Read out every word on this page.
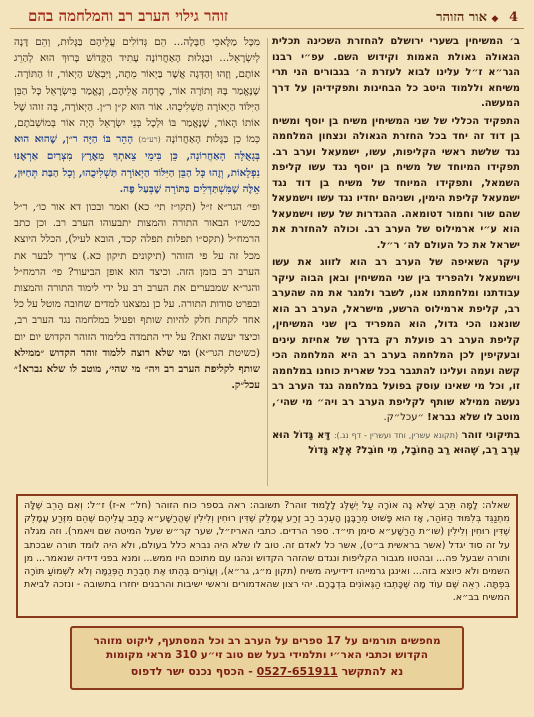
4 ◆ אור הזוהר
זוהר גילוי הערב רב והמלחמה בהם

ב׳ המשיחין בשערי ירושלם להחזרת השכינה תכלית הגאולה גאולת האמות וקידוש השם. עפ״י רבנו הגר״א ז״ל עלינו לבוא לעזרת ה׳ בגבורים הני תרי משיחא וללמוד היטב כל הבחינות ותפקידיהן על דרך המעשה.

התפקיד הכללי של שני המשיחין משיח בן יוסף ומשיח בן דוד זה יחד בכל החזרת הגאולה ונצחון המלחמה נגד שלשת ראשי הקליפות, עשו, ישמעאל וערב רב. תפקידו המיוחד של משיח בן יוסף נגד עשו קליפת השמאל, ותפקידו המיוחד של משיח בן דוד נגד ישמעאל קליפת הימין, ושניהם יחדיו נגד עשו וישמעאל שהם שור וחמור דטומאה. ההגדרות של עשו וישמעאל הוא ע״י ארמילוס של הערב רב. וכולה להחזרת את ישראל את כל העולם לה׳ ר״ל.

עיקר השאיפה של הערב רב הוא לזווג את עשו וישמעאל ולהפריד בין שני המשיחין ובאן הבוה עיקר עבודתנו ומלחמתנו אנו, לשבר ולמגר את מה שהערב רב, קליפת ארמילוס הרשע, מישראל, הערב רב הוא שונאנו הכי גדול, הוא המפריד בין שני המשיחין, קליפת הערב רב פועלת רק בדרך של אחיזת עינים ובעקיפין לכן המלחמה בערב רב היא המלחמה הכי קשה ועמה ועלינו להתגבר בכל שארית כוחנו במלחמה זו, וכל מי שאינו עוסק בפועל במלחמה נגד הערב רב נעשה ממילא שותף לקליפת הערב רב ויה״ מי שהי׳, מוטב לו שלא נברא! ״עכל״ק.

בתיקוני זוהר (תקונא עשרין, וחד ועשרין - דף נג.): דָּא גָּדוֹל הוּא עֵרֶב רַב, שֶׁהוּא רַב הַחוֹבָל, מִי חוֹבֵל? אֶלָּא גָּדוֹל

מִכָּל מַלָּאכֵי חַבָּלָה... הֵם גְּדוֹלִים עֲלֵיהֶם בַּגָּלוּת, וְהֵם דָּנָה לְיִשְׂרָאֵל... וּבַגָּלוּת הָאַחֲרוֹנָה עָתִיד הַקָּדוֹשׁ בָּרוּךְ הוּא לְהַרֵג אוֹתָם, וְזֶהוּ וְהַדְּגָה אֲשֶׁר בַּיְאוֹר מֵתָה, וַיִּבְאַשׁ הַיְאוֹר, זוֹ הַתּוֹרָה. שֶׁנֶּאֱמַר בָּהּ וְתוֹרָה אוֹר, סָרְחָה אֲלֵיהֶם, וְנֶאֱמַר בְּיִשְׂרָאֵל כָּל הַבֵּן הַיִּלּוֹד הַיְאוֹרָה תַּשְׁלִיכֻהוּ. אוֹר הוּא ק״ן ר״ן. הַיְאוֹרָה, בָּה זוהו שֶׁל אוֹתוֹ הָאוֹר, שֶׁנֶּאֱמַר בּוֹ וּלְכָל בְּנֵי יִשְׂרָאֵל הָיָה אוֹר בְּמוֹשְׁבֹתָם, כְּמוֹ כֵן בַּגָּלוּת הָאַחֲרוֹנָה (רע״מ) הָהֵר בּוֹ הַיָּה ר״ן, שֶׁהוּא הוּא בְּגָאֻלָּה הָאַחֲרוֹנָה, כֵּן בִּימֵי צֵאתְךָ מֵאֶרֶץ מִצְרַיִם אַרְאֶנּוּ נִפְלָאוֹת, וְזֶהוּ כָּל הַבֵּן הַיִּלּוֹד הַיְאוֹרָה תַּשְׁלִיכֻהוּ, וְכָל הַבַּת תְּחַיּוּן, אֵלֶּה שֶׁמִּשְׁתַּדְּלִים בַּתּוֹרָה שֶׁבְּעַל פֶּה.

ופי׳ הגר״א ז״ל (תקו״ז תי׳ כא) ואמר ובכון דא אור כו׳, ר״ל כמש״ו הבאור התורה והמצות יתבעוהו הערב רב. וכן כתב הרמח״ל (תקס״ו תפלות תפלה קכד, הובא לעיל), הכלל היוצא מכל זה על פי הזוהר (תיקונים תיקון כא.) צריך לבער את הערב רב בזמן הזה. וכיצד הוא אופן הביעור? פי׳ הרמח״ל והגר״א שמבערים את הערב רב על ידי לימוד התורה והמצות ובפרט סודות התורה. על כן נמצאנו למדים שחובה מוטל על כל אחד לקחת חלק להיות שותף ופעיל במלחמה נגד הערב רב, וכיצד יעשה זאת? על ידי התמדה בלימוד הזוהר הקדוש יום יום (כשיטת הגר״א) ומי שלא רוצה ללמוד זוהר הקדוש ״ממילא שותף לקליפת הערב רב ויה״ מי שהי׳, מוטב לו שלא נברא!״ עכל״ק.

שאלה: לָמָּה תֵּרֵב שֶׁלֹּא נָה אוֹרָה עַל יְשֶׁלֶּג לָלָמוּד זוהר? תשובה: ראה בספר כוח הזוהר (חל״ א-ז) ז״ל: וְאִם הַרֵב שֶׁלָּה מִתְנַגֵּד בְּלִמּוּד הַזּוֹהַר, אָז הוּא פָּשׁוּט מֵרַבָּנָן הָעֵרֶב רַב זֶרַע עֲמָלֵק שֶׁדִּין רוּחִין וְלִילִין שֶׁהֲרַשָּׁע״א כָּתַב עֲלֵיהֶם שֶׁהֵם מִזֶּרַע עֲמָלֵק שֶׁדִּין רוּחִין וְלִילִין (שו״ת הַרַשָּׁע״א סימן תי״ד. ספר הרדים. כתבי האריז״ל, שער קר״ש שעל המיטה שם ויאמר). וזה מגלה על זה סוד יגדל (אשר בראשית ב״ט), אשר כל לאדם זה. טוב לו שלא היה נברא כלל בעולם, ולא היה לומד תורה שבכתב ותורה שבעל פה... ובהטוו מגבור הקליפות ונגדם שהזהר הקדוש ונהגו עם מתוכם היו ממש... ומנא בפני דידיה שנאמר... מן השמים ולא כיוצא בזה... ואינגן גרמייהו דידיעיה משיח (תקון מ״ג, גר״א), וְעֲוֹרִים בְּהֵתוּ אֶת חֶבְרַת הַפְּנֻמָּה וְלֹא לִשְׁמוֹעַ תּוֹרָה בִּפְתָּה. רְאֵה שֶׁם עוֹד מָה שֶׁכָּתְבוּ הַגְּאוֹנִים בִּדְבָרָם. יהי רצון שהאדמורים וראשי ישיבות והרבנים יחזרו בתשובה - ונזכה לביאת המשיח בב״א.
מחפשים תורמים על 17 ספרים על הערב רב וכל המסתעף, ליקוט מזוהר הקדוש וכתבי האר״י ותלמידי בעל שם טוב זי״ע 310 מראי מקומות
נא להתקשר 0527-651911 - הכסף נכנס ישר לדפוס
